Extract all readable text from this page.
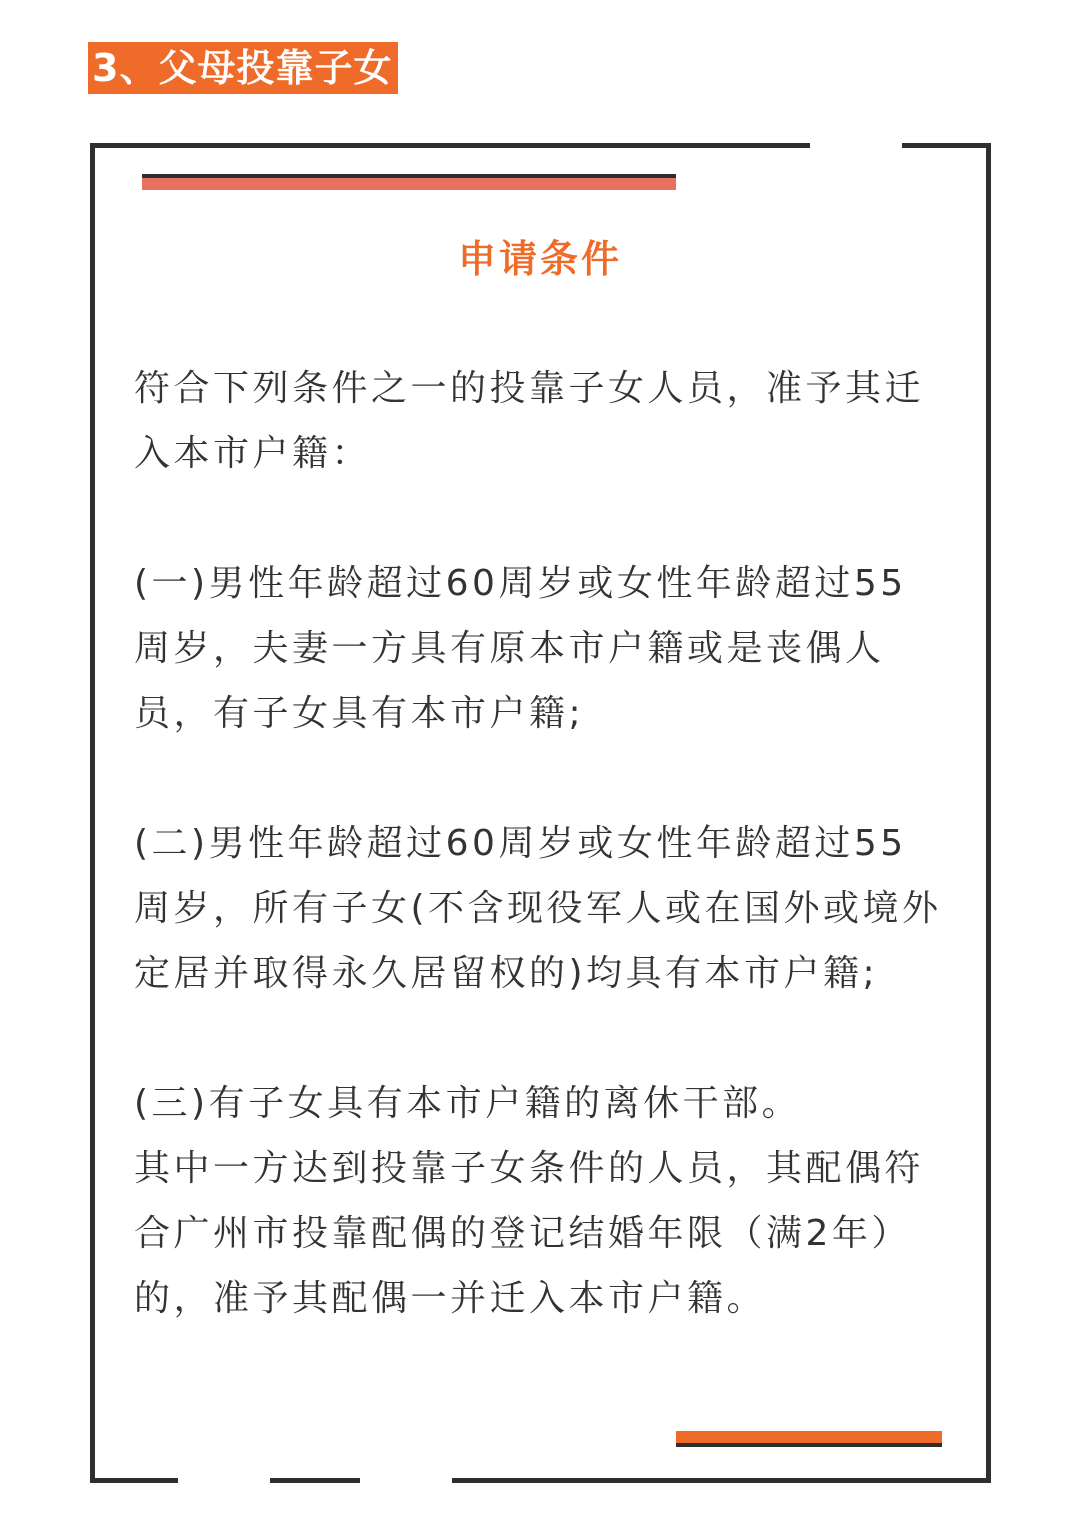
3、父母投靠子女
申请条件

符合下列条件之一的投靠子女人员，准予其迁入本市户籍：

(一)男性年龄超过60周岁或女性年龄超过55周岁，夫妻一方具有原本市户籍或是丧偶人员，有子女具有本市户籍;

(二)男性年龄超过60周岁或女性年龄超过55周岁，所有子女(不含现役军人或在国外或境外定居并取得永久居留权的)均具有本市户籍;

(三)有子女具有本市户籍的离休干部。

其中一方达到投靠子女条件的人员，其配偶符合广州市投靠配偶的登记结婚年限（满2年）的，准予其配偶一并迁入本市户籍。
